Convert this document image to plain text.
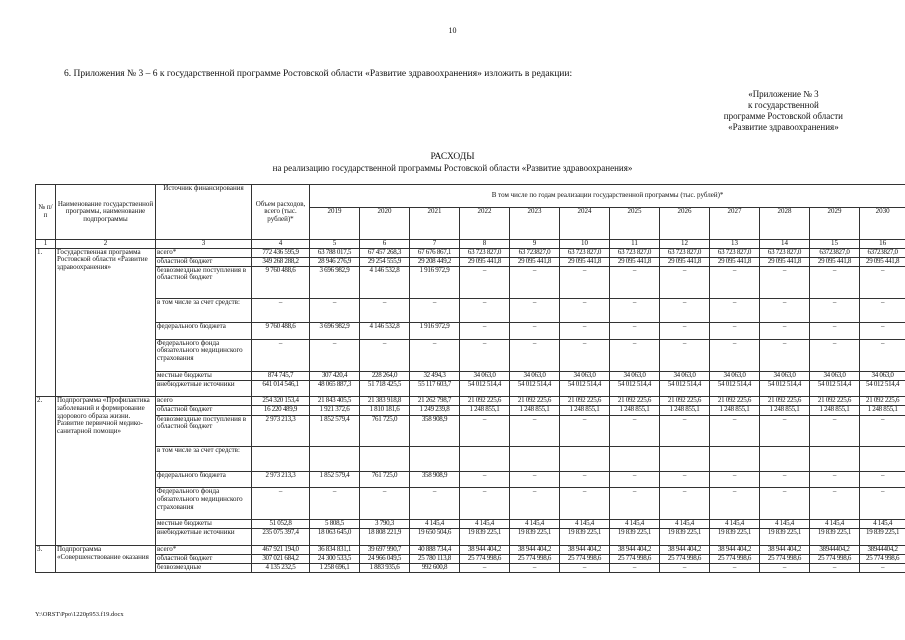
10
6. Приложения № 3 – 6 к государственной программе Ростовской области «Развитие здравоохранения» изложить в редакции:
«Приложение № 3
к государственной
программе Ростовской области
«Развитие здравоохранения»
РАСХОДЫ
на реализацию государственной программы Ростовской области «Развитие здравоохранения»
№ п/п	Наименование государственной программы, наименование подпрограммы	Источник финансирования	Объем расходов, всего (тыс. рублей)*	В том числе по годам реализации государственной программы (тыс. рублей)*											
				2019	2020	2021	2022	2023	2024	2025	2026	2027	2028	2029	2030
1	2	3	4	5	6	7	8	9	10	11	12	13	14	15	16
1.	Государственная программа Ростовской области «Развитие здравоохранения»	всего*	772 436 595,9	63 788 017,5	67 457 268,3	67 676 867,1	63 723 827,0	63 723827,0	63 723 827,0	63 723 827,0	63 723 827,0	63 723 827,0	63 723 827,0	63723827,0	63723827,0
		областной бюджет	349 268 288,2	28 946 276,9	29 254 555,9	29 208 449,2	29 095 441,8	29 095 441,8	29 095 441,8	29 095 441,8	29 095 441,8	29 095 441,8	29 095 441,8	29 095 441,8	29 095 441,8
		безвозмездные поступления в областной бюджет	9 760 488,6	3 696 982,9	4 146 532,8	1 916 972,9	–	–	–	–	–	–	–	–	–
		в том числе за счет средств:	–	–	–	–	–	–	–	–	–	–	–	–	–
		федерального бюджета	9 760 488,6	3 696 982,9	4 146 532,8	1 916 972,9	–	–	–	–	–	–	–	–	–
		Федерального фонда обязательного медицинского страхования	–	–	–	–	–	–	–	–	–	–	–	–	–
		местные бюджеты	874 745,7	307 420,4	228 264,0	32 494,3	34 063,0	34 063,0	34 063,0	34 063,0	34 063,0	34 063,0	34 063,0	34 063,0	34 063,0
		внебюджетные источники	641 014 546,1	48 065 887,3	51 718 425,5	55 117 603,7	54 012 514,4	54 012 514,4	54 012 514,4	54 012 514,4	54 012 514,4	54 012 514,4	54 012 514,4	54 012 514,4	54 012 514,4
2.	Подпрограмма «Профилактика заболеваний и формирование здорового образа жизни. Развитие первичной медико-санитарной помощи»	всего	254 320 153,4	21 843 405,5	21 383 918,8	21 262 798,7	21 092 225,6	21 092 225,6	21 092 225,6	21 092 225,6	21 092 225,6	21 092 225,6	21 092 225,6	21 092 225,6	21 092 225,6
		областной бюджет	16 220 489,9	1 921 372,6	1 810 181,6	1 249 239,8	1 248 855,1	1 248 855,1	1 248 855,1	1 248 855,1	1 248 855,1	1 248 855,1	1 248 855,1	1 248 855,1	1 248 855,1
		безвозмездные поступления в областной бюджет	2 973 213,3	1 852 579,4	761 725,0	358 908,9	–	–	–	–	–	–	–	–	–
		в том числе за счет средств:													
		федерального бюджета	2 973 213,3	1 852 579,4	761 725,0	358 908,9	–	–	–	–	–	–	–	–	–
		Федерального фонда обязательного медицинского страхования	–	–	–	–	–	–	–	–	–	–	–	–	–
		местные бюджеты	51 052,8	5 808,5	3 790,3	4 145,4	4 145,4	4 145,4	4 145,4	4 145,4	4 145,4	4 145,4	4 145,4	4 145,4	4 145,4
		внебюджетные источники	235 075 397,4	18 063 645,0	18 808 221,9	19 650 504,6	19 839 225,1	19 839 225,1	19 839 225,1	19 839 225,1	19 839 225,1	19 839 225,1	19 839 225,1	19 839 225,1	19 839 225,1
3.	Подпрограмма «Совершенствование оказания	всего*	467 921 194,0	36 834 831,1	39 697 990,7	40 888 734,4	38 944 404,2	38 944 404,2	38 944 404,2	38 944 404,2	38 944 404,2	38 944 404,2	38 944 404,2	38944404,2	38944404,2
		областной бюджет	307 021 684,2	24 300 533,5	24 966 049,5	25 780 113,8	25 774 998,6	25 774 998,6	25 774 998,6	25 774 998,6	25 774 998,6	25 774 998,6	25 774 998,6	25 774 998,6	25 774 998,6
		безвозмездные	4 135 232,5	1 258 696,1	1 883 935,6	992 600,8	–	–	–	–	–	–	–	–	–
Y:\ORST\Ppo\1220p953.f19.docx
